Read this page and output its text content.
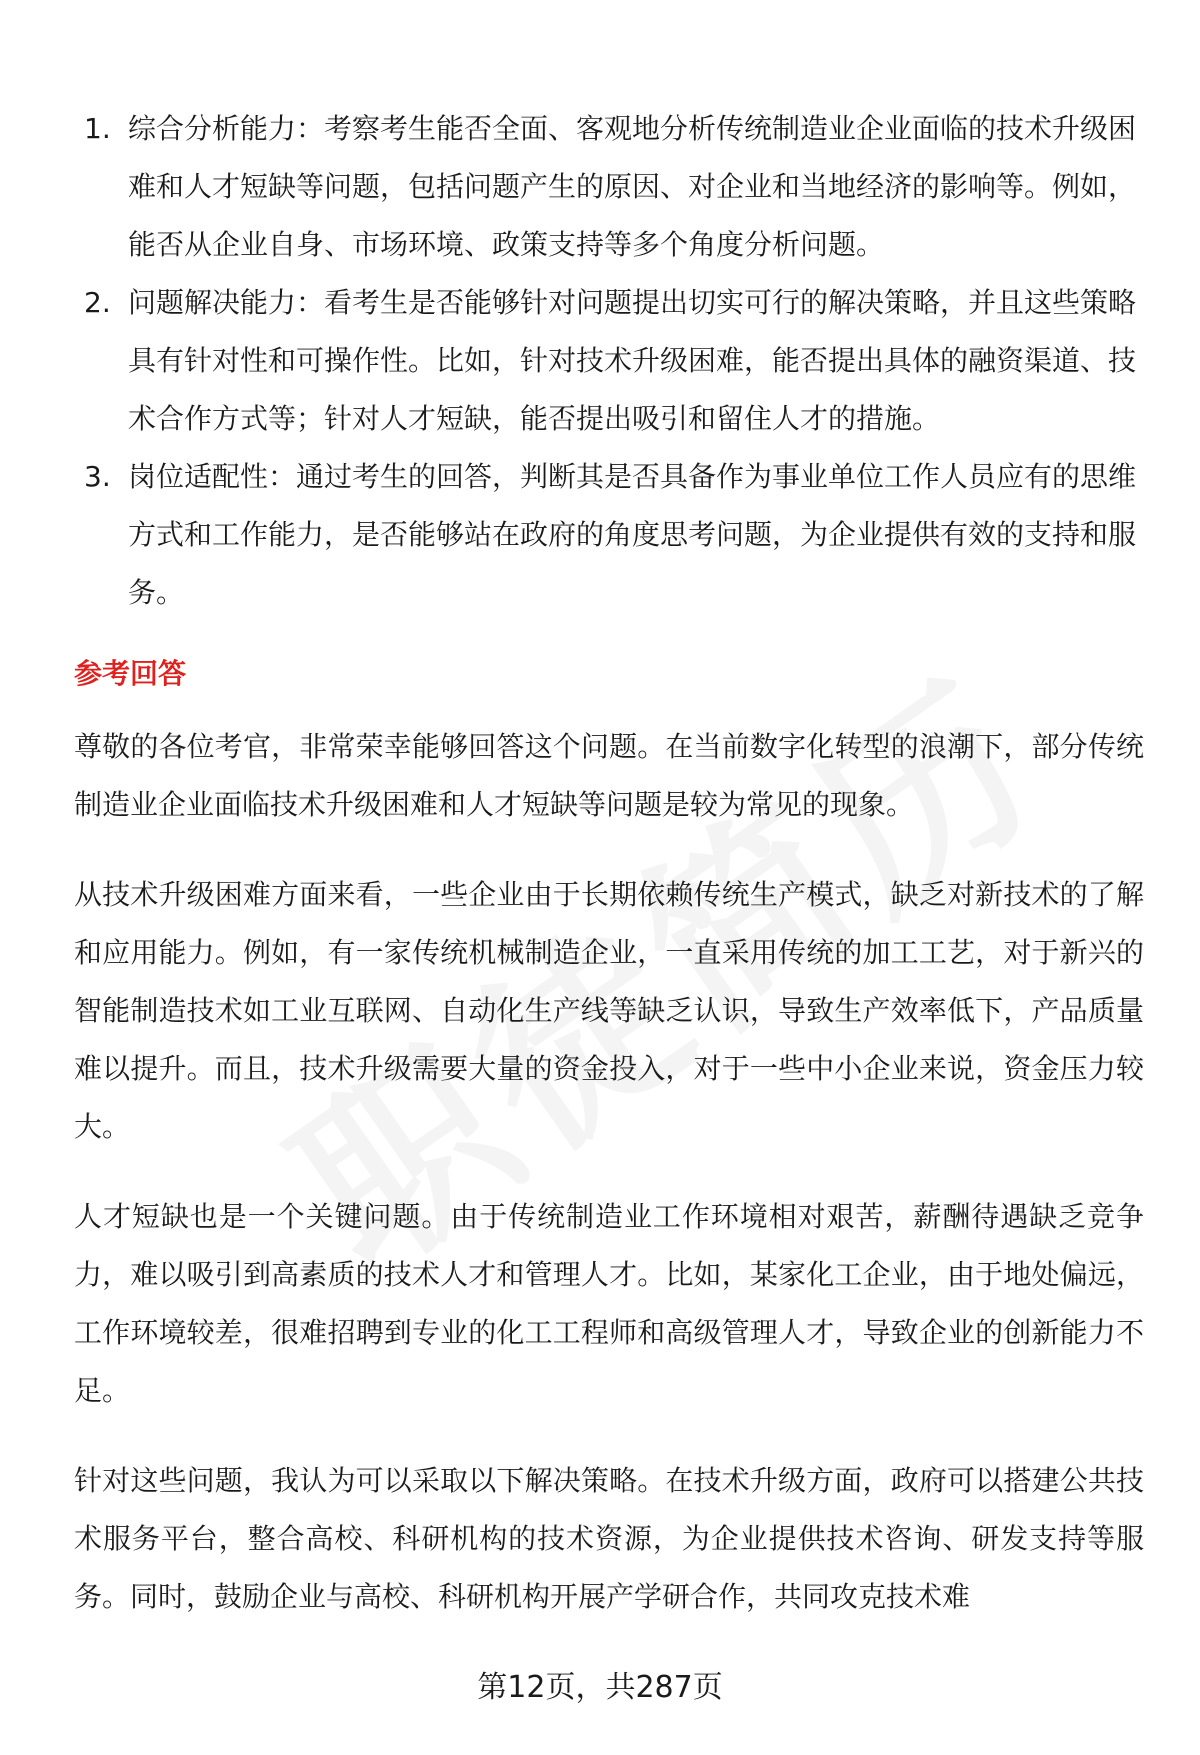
1. 综合分析能力：考察考生能否全面、客观地分析传统制造业企业面临的技术升级困难和人才短缺等问题，包括问题产生的原因、对企业和当地经济的影响等。例如，能否从企业自身、市场环境、政策支持等多个角度分析问题。
2. 问题解决能力：看考生是否能够针对问题提出切实可行的解决策略，并且这些策略具有针对性和可操作性。比如，针对技术升级困难，能否提出具体的融资渠道、技术合作方式等；针对人才短缺，能否提出吸引和留住人才的措施。
3. 岗位适配性：通过考生的回答，判断其是否具备作为事业单位工作人员应有的思维方式和工作能力，是否能够站在政府的角度思考问题，为企业提供有效的支持和服务。
参考回答

尊敬的各位考官，非常荣幸能够回答这个问题。在当前数字化转型的浪潮下，部分传统制造业企业面临技术升级困难和人才短缺等问题是较为常见的现象。

从技术升级困难方面来看，一些企业由于长期依赖传统生产模式，缺乏对新技术的了解和应用能力。例如，有一家传统机械制造企业，一直采用传统的加工工艺，对于新兴的智能制造技术如工业互联网、自动化生产线等缺乏认识，导致生产效率低下，产品质量难以提升。而且，技术升级需要大量的资金投入，对于一些中小企业来说，资金压力较大。

人才短缺也是一个关键问题。由于传统制造业工作环境相对艰苦，薪酬待遇缺乏竞争力，难以吸引到高素质的技术人才和管理人才。比如，某家化工企业，由于地处偏远，工作环境较差，很难招聘到专业的化工工程师和高级管理人才，导致企业的创新能力不足。

针对这些问题，我认为可以采取以下解决策略。在技术升级方面，政府可以搭建公共技术服务平台，整合高校、科研机构的技术资源，为企业提供技术咨询、研发支持等服务。同时，鼓励企业与高校、科研机构开展产学研合作，共同攻克技术难

第12页，共287页
